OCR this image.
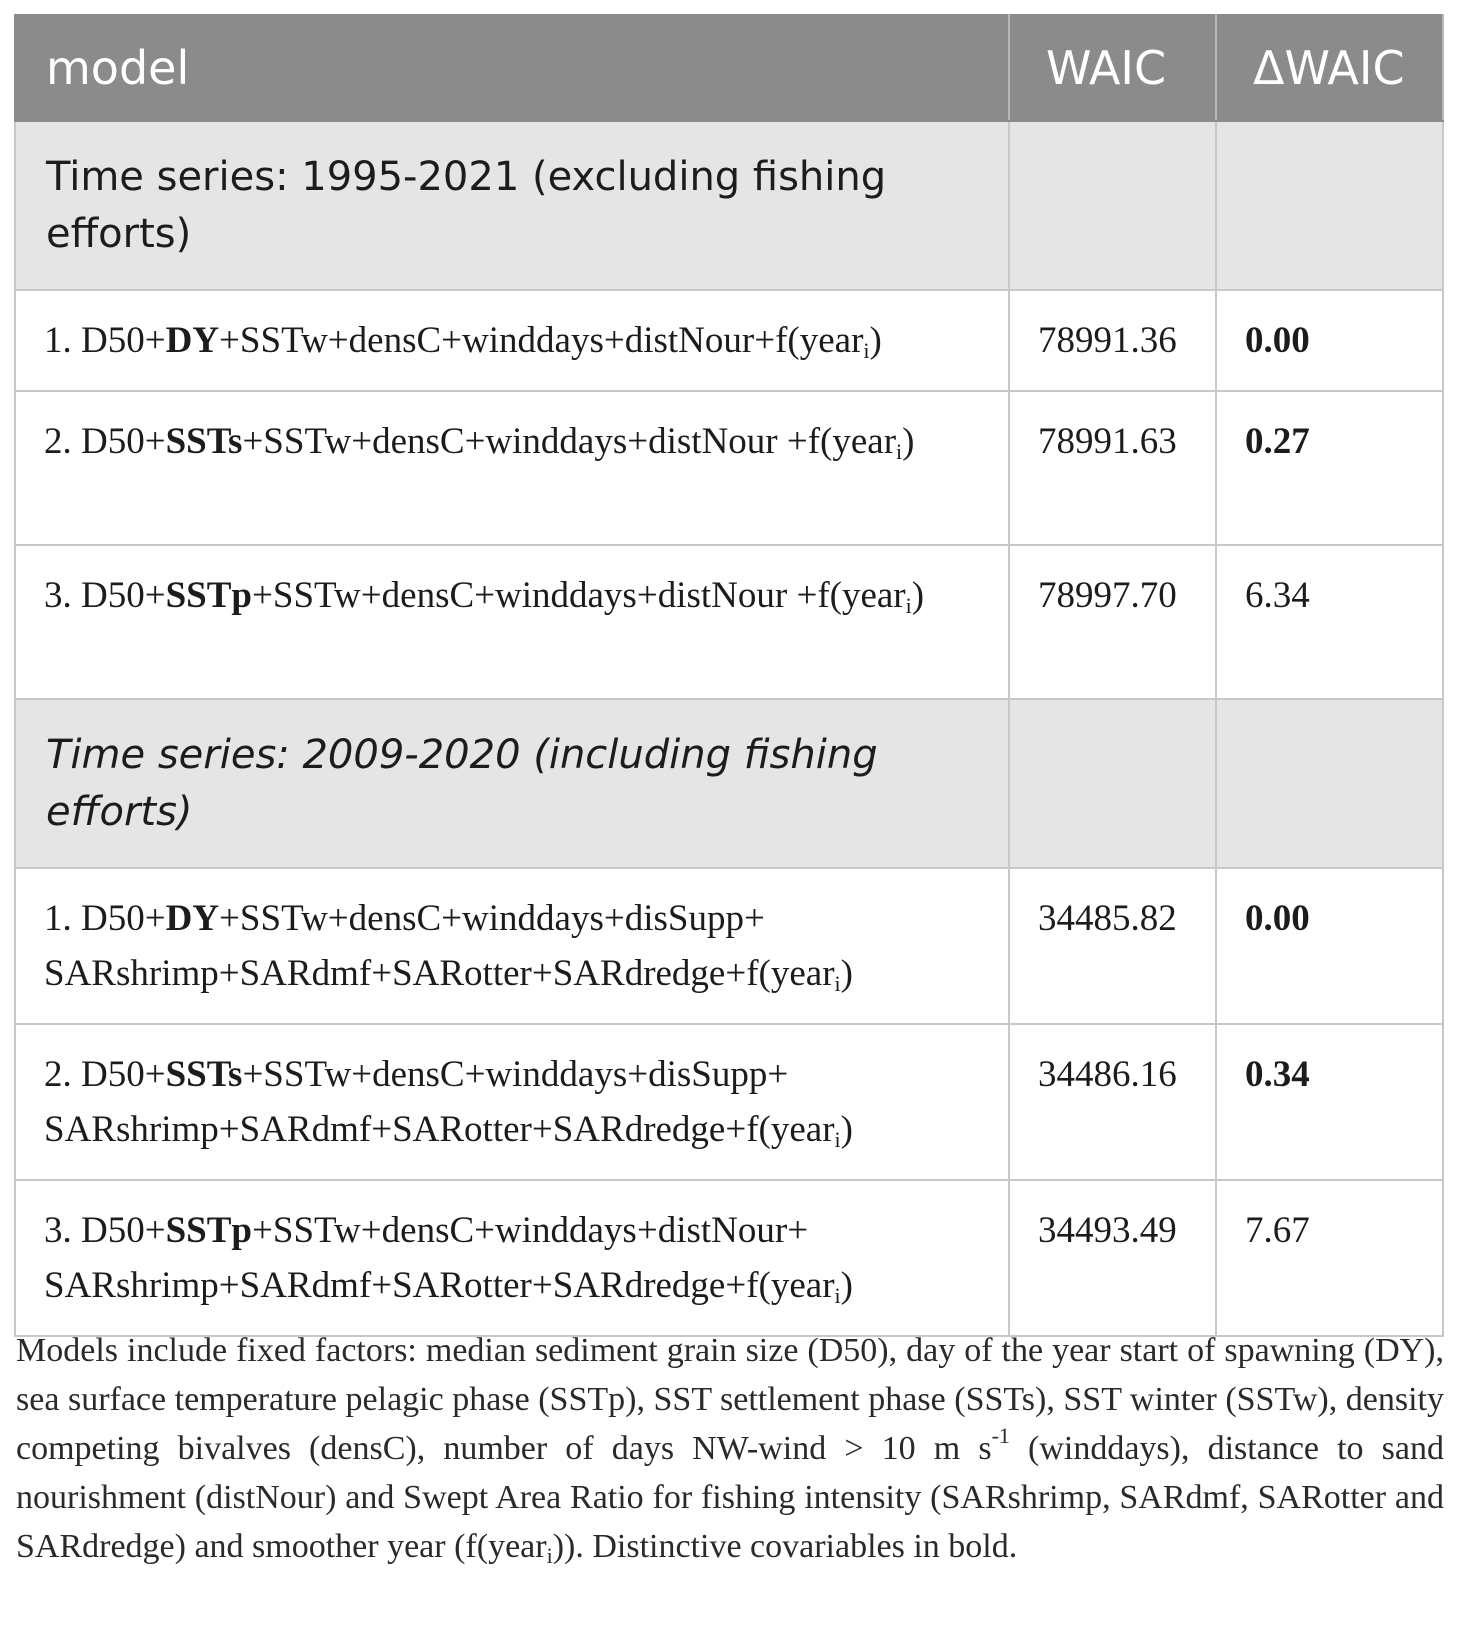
model	WAIC	ΔWAIC
Time series: 1995-2021 (excluding fishing efforts)		
1. D50+DY+SSTw+densC+winddays+distNour+f(year$_i$)	78991.36	0.00
2. D50+SSTs+SSTw+densC+winddays+distNour +f(year$_i$)	78991.63	0.27
3. D50+SSTp+SSTw+densC+winddays+distNour +f(year$_i$)	78997.70	6.34
Time series: 2009-2020 (including fishing efforts)		
1. D50+DY+SSTw+densC+winddays+disSupp+ SARshrimp+SARdmf+SARotter+SARdredge+f(year$_i$)	34485.82	0.00
2. D50+SSTs+SSTw+densC+winddays+disSupp+ SARshrimp+SARdmf+SARotter+SARdredge+f(year$_i$)	34486.16	0.34
3. D50+SSTp+SSTw+densC+winddays+distNour+ SARshrimp+SARdmf+SARotter+SARdredge+f(year$_i$)	34493.49	7.67
Models include fixed factors: median sediment grain size (D50), day of the year start of spawning (DY), sea surface temperature pelagic phase (SSTp), SST settlement phase (SSTs), SST winter (SSTw), density competing bivalves (densC), number of days NW-wind > 10 m $s^{-1}$ (winddays), distance to sand nourishment (distNour) and Swept Area Ratio for fishing intensity (SARshrimp, SARdmf, SARotter and SARdredge) and smoother year (f(year$_i$)). Distinctive covariables in bold.
